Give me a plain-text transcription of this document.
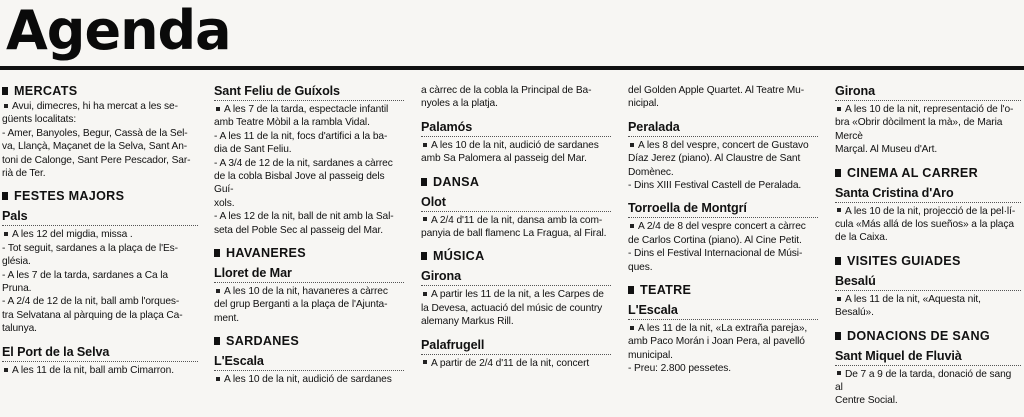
Agenda
MERCATS
Avui, dimecres, hi ha mercat a les se-
güents localitats:
- Amer, Banyoles, Begur, Cassà de la Sel-
va, Llançà, Maçanet de la Selva, Sant An-
toni de Calonge, Sant Pere Pescador, Sar-
rià de Ter.
FESTES MAJORS
Pals
A les 12 del migdia, missa .
- Tot seguit, sardanes a la plaça de l'Es-
glésia.
- A les 7 de la tarda, sardanes a Ca la
Pruna.
- A 2/4 de 12 de la nit, ball amb l'orques-
tra Selvatana al pàrquing de la plaça Ca-
talunya.
El Port de la Selva
A les 11 de la nit, ball amb Cimarron.
Sant Feliu de Guíxols
A les 7 de la tarda, espectacle infantil
amb Teatre Mòbil a la rambla Vidal.
- A les 11 de la nit, focs d'artifici a la ba-
dia de Sant Feliu.
- A 3/4 de 12 de la nit, sardanes a càrrec
de la cobla Bisbal Jove al passeig dels Guí-
xols.
- A les 12 de la nit, ball de nit amb la Sal-
seta del Poble Sec al passeig del Mar.
HAVANERES
Lloret de Mar
A les 10 de la nit, havaneres a càrrec
del grup Berganti a la plaça de l'Ajunta-
ment.
SARDANES
L'Escala
A les 10 de la nit, audició de sardanes
a càrrec de la cobla la Principal de Ba-
nyoles a la platja.
Palamós
A les 10 de la nit, audició de sardanes
amb Sa Palomera al passeig del Mar.
DANSA
Olot
A 2/4 d'11 de la nit, dansa amb la com-
panyia de ball flamenc La Fragua, al Firal.
MÚSICA
Girona
A partir les 11 de la nit, a les Carpes de
la Devesa, actuació del músic de country
alemany Markus Rill.
Palafrugell
A partir de 2/4 d'11 de la nit, concert
del Golden Apple Quartet. Al Teatre Mu-
nicipal.
Peralada
A les 8 del vespre, concert de Gustavo
Díaz Jerez (piano). Al Claustre de Sant
Domènec.
- Dins XIII Festival Castell de Peralada.
Torroella de Montgrí
A 2/4 de 8 del vespre concert a càrrec
de Carlos Cortina (piano). Al Cine Petit.
- Dins el Festival Internacional de Músi-
ques.
TEATRE
L'Escala
A les 11 de la nit, «La extraña pareja»,
amb Paco Morán i Joan Pera, al pavelló
municipal.
- Preu: 2.800 pessetes.
Girona
A les 10 de la nit, representació de l'o-
bra «Obrir dòcilment la mà», de Maria Mercè
Marçal. Al Museu d'Art.
CINEMA AL CARRER
Santa Cristina d'Aro
A les 10 de la nit, projecció de la pel·lí-
cula «Más allá de los sueños» a la plaça
de la Caixa.
VISITES GUIADES
Besalú
A les 11 de la nit, «Aquesta nit, Besalú».
DONACIONS DE SANG
Sant Miquel de Fluvià
De 7 a 9 de la tarda, donació de sang al
Centre Social.
